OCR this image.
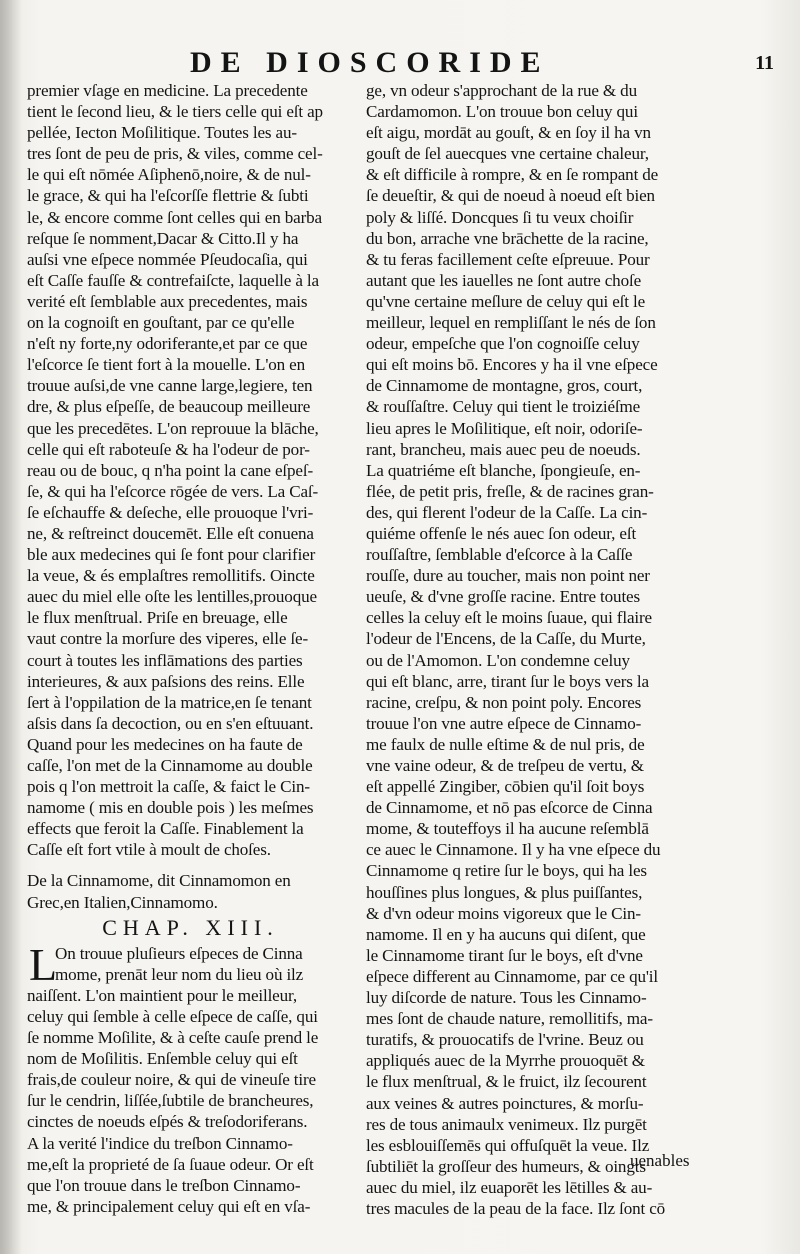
DE DIOSCORIDE	11
premier vſage en medicine. La precedente
tient le ſecond lieu, & le tiers celle qui eſt ap
pellée, Iecton Moſilitique. Toutes les au-
tres ſont de peu de pris, & viles, comme cel-
le qui eſt nōmée Aſiphenō,noire, & de nul-
le grace, & qui ha l'eſcorſſe flettrie & ſubti
le, & encore comme ſont celles qui en barba
reſque ſe nomment,Dacar & Citto.Il y ha
auſsi vne eſpece nommée Pſeudocaſia, qui
eſt Caſſe fauſſe & contrefaiſcte, laquelle à la
verité eſt ſemblable aux precedentes, mais
on la cognoiſt en gouſtant, par ce qu'elle
n'eſt ny forte,ny odoriferante,et par ce que
l'eſcorce ſe tient fort à la mouelle. L'on en
trouue auſsi,de vne canne large,legiere, ten
dre, & plus eſpeſſe, de beaucoup meilleure
que les precedētes. L'on reprouue la blāche,
celle qui eſt raboteuſe & ha l'odeur de por-
reau ou de bouc, q n'ha point la cane eſpeſ-
ſe, & qui ha l'eſcorce rōgée de vers. La Caſ-
ſe eſchauffe & deſeche, elle prouoque l'vri-
ne, & reſtreinct doucemēt. Elle eſt conuena
ble aux medecines qui ſe font pour clarifier
la veue, & és emplaſtres remollitifs. Oincte
auec du miel elle oſte les lentilles,prouoque
le flux menſtrual. Priſe en breuage, elle
vaut contre la morſure des viperes, elle ſe-
court à toutes les inflāmations des parties
interieures, & aux paſsions des reins. Elle
ſert à l'oppilation de la matrice,en ſe tenant
aſsis dans ſa decoction, ou en s'en eſtuuant.
Quand pour les medecines on ha faute de
caſſe, l'on met de la Cinnamome au double
pois q l'on mettroit la caſſe, & faict le Cin-
namome ( mis en double pois ) les meſmes
effects que feroit la Caſſe. Finablement la
Caſſe eſt fort vtile à moult de choſes.
De la Cinnamome, dit Cinnamomon en
Grec,en Italien,Cinnamomo.
CHAP. XIII.
L
On trouue pluſieurs eſpeces de Cinna
mome, prenāt leur nom du lieu où ilz
naiſſent. L'on maintient pour le meilleur,
celuy qui ſemble à celle eſpece de caſſe, qui
ſe nomme Moſilite, & à ceſte cauſe prend le
nom de Moſilitis. Enſemble celuy qui eſt
frais,de couleur noire, & qui de vineuſe tire
ſur le cendrin, liſſée,ſubtile de brancheures,
cinctes de noeuds eſpés & treſodoriferans.
A la verité l'indice du treſbon Cinnamo-
me,eſt la proprieté de ſa ſuaue odeur. Or eſt
que l'on trouue dans le treſbon Cinnamo-
me, & principalement celuy qui eſt en vſa-
ge, vn odeur s'approchant de la rue & du
Cardamomon. L'on trouue bon celuy qui
eſt aigu, mordāt au gouſt, & en ſoy il ha vn
gouſt de ſel auecques vne certaine chaleur,
& eſt difficile à rompre, & en ſe rompant de
ſe deueſtir, & qui de noeud à noeud eſt bien
poly & liſſé. Doncques ſi tu veux choiſir
du bon, arrache vne brāchette de la racine,
& tu feras facillement ceſte eſpreuue. Pour
autant que les iauelles ne ſont autre choſe
qu'vne certaine meſlure de celuy qui eſt le
meilleur, lequel en rempliſſant le nés de ſon
odeur, empeſche que l'on cognoiſſe celuy
qui eſt moins bō. Encores y ha il vne eſpece
de Cinnamome de montagne, gros, court,
& rouſſaſtre. Celuy qui tient le troiziéſme
lieu apres le Moſilitique, eſt noir, odoriſe-
rant, brancheu, mais auec peu de noeuds.
La quatriéme eſt blanche, ſpongieuſe, en-
flée, de petit pris, freſle, & de racines gran-
des, qui flerent l'odeur de la Caſſe. La cin-
quiéme offenſe le nés auec ſon odeur, eſt
rouſſaſtre, ſemblable d'eſcorce à la Caſſe
rouſſe, dure au toucher, mais non point ner
ueuſe, & d'vne groſſe racine. Entre toutes
celles la celuy eſt le moins ſuaue, qui flaire
l'odeur de l'Encens, de la Caſſe, du Murte,
ou de l'Amomon. L'on condemne celuy
qui eſt blanc, arre, tirant ſur le boys vers la
racine, creſpu, & non point poly. Encores
trouue l'on vne autre eſpece de Cinnamo-
me faulx de nulle eſtime & de nul pris, de
vne vaine odeur, & de treſpeu de vertu, &
eſt appellé Zingiber, cōbien qu'il ſoit boys
de Cinnamome, et nō pas eſcorce de Cinna
mome, & touteffoys il ha aucune reſemblā
ce auec le Cinnamone. Il y ha vne eſpece du
Cinnamome q retire ſur le boys, qui ha les
houſſines plus longues, & plus puiſſantes,
& d'vn odeur moins vigoreux que le Cin-
namome. Il en y ha aucuns qui diſent, que
le Cinnamome tirant ſur le boys, eſt d'vne
eſpece different au Cinnamome, par ce qu'il
luy diſcorde de nature. Tous les Cinnamo-
mes ſont de chaude nature, remollitifs, ma-
turatifs, & prouocatifs de l'vrine. Beuz ou
appliqués auec de la Myrrhe prouoquēt &
le flux menſtrual, & le fruict, ilz ſecourent
aux veines & autres poinctures, & morſu-
res de tous animaulx venimeux. Ilz purgēt
les esblouiſſemēs qui offuſquēt la veue. Ilz
ſubtiliēt la groſſeur des humeurs, & oingts
auec du miel, ilz euaporēt les lētilles & au-
tres macules de la peau de la face. Ilz ſont cō
uenables
